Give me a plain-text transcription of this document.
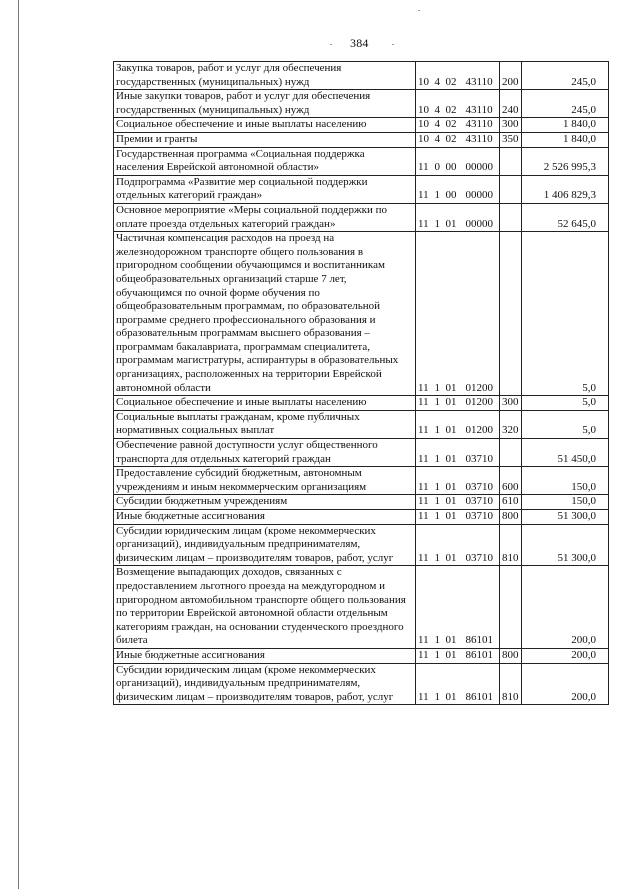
384
Закупка товаров, работ и услуг для обеспечения государственных (муниципальных) нужд	10	4	02	43110	200	245,0
Иные закупки товаров, работ и услуг для обеспечения государственных (муниципальных) нужд	10	4	02	43110	240	245,0
Социальное обеспечение и иные выплаты населению	10	4	02	43110	300	1 840,0
Премии и гранты	10	4	02	43110	350	1 840,0
Государственная программа «Социальная поддержка населения Еврейской автономной области»	11	0	00	00000		2 526 995,3
Подпрограмма «Развитие мер социальной поддержки отдельных категорий граждан»	11	1	00	00000		1 406 829,3
Основное мероприятие «Меры социальной поддержки по оплате проезда отдельных категорий граждан»	11	1	01	00000		52 645,0
Частичная компенсация расходов на проезд на железнодорожном транспорте общего пользования в пригородном сообщении обучающимся и воспитанникам общеобразовательных организаций старше 7 лет, обучающимся по очной форме обучения по общеобразовательным программам, по образовательной программе среднего профессионального образования и образовательным программам высшего образования – программам бакалавриата, программам специалитета, программам магистратуры, аспирантуры в образовательных организациях, расположенных на территории Еврейской автономной области	11	1	01	01200		5,0
Социальное обеспечение и иные выплаты населению	11	1	01	01200	300	5,0
Социальные выплаты гражданам, кроме публичных нормативных социальных выплат	11	1	01	01200	320	5,0
Обеспечение равной доступности услуг общественного транспорта для отдельных категорий граждан	11	1	01	03710		51 450,0
Предоставление субсидий бюджетным, автономным учреждениям и иным некоммерческим организациям	11	1	01	03710	600	150,0
Субсидии бюджетным учреждениям	11	1	01	03710	610	150,0
Иные бюджетные ассигнования	11	1	01	03710	800	51 300,0
Субсидии юридическим лицам (кроме некоммерческих организаций), индивидуальным предпринимателям, физическим лицам – производителям товаров, работ, услуг	11	1	01	03710	810	51 300,0
Возмещение выпадающих доходов, связанных с предоставлением льготного проезда на междугородном и пригородном автомобильном транспорте общего пользования по территории Еврейской автономной области отдельным категориям граждан, на основании студенческого проездного билета	11	1	01	86101		200,0
Иные бюджетные ассигнования	11	1	01	86101	800	200,0
Субсидии юридическим лицам (кроме некоммерческих организаций), индивидуальным предпринимателям, физическим лицам – производителям товаров, работ, услуг	11	1	01	86101	810	200,0
